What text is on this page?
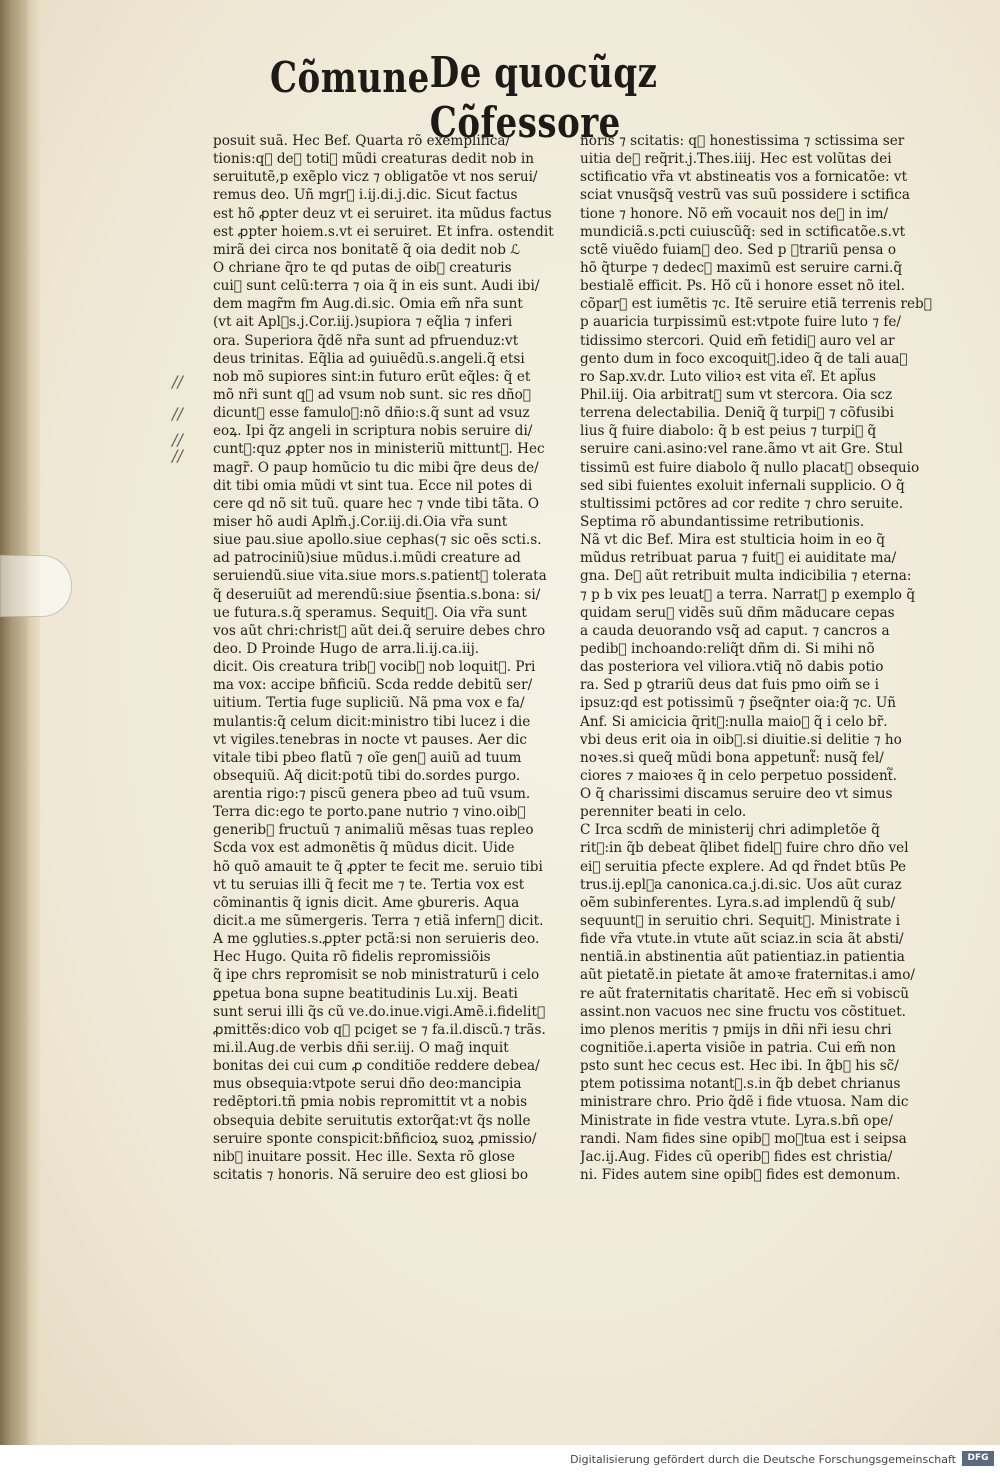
Cõmune De quocũqz Cõfessore
posuit suã. Hec Bef. Quarta rõ exemplifica/
tionis:q᷑ de᷑ toti᷑ mũdi creaturas dedit nob in
seruitutẽ,p exẽplo vicz ⁊ obligatõe vt nos serui/
remus deo. Uñ mgr᷑ i.ij.di.j.dic. Sicut factus
est hõ ꝓpter deuz vt ei seruiret. ita mũdus factus
est ꝓpter hoiem.s.vt ei seruiret. Et infra. ostendit
mirã dei circa nos bonitatẽ q̃ oia dedit nob ℒ
O chriane q̃ro te qd putas de oib᷑ creaturis
cui᷑ sunt celũ:terra ⁊ oia q̃ in eis sunt. Audi ibi/
dem magr̃m fm Aug.di.sic. Omia em̃ nr̃a sunt
(vt ait Apl᷑s.j.Cor.iij.)supiora ⁊ eq̃lia ⁊ inferi
ora. Superiora q̃dẽ nr̃a sunt ad pfruenduz:vt
deus trinitas. Eq̃lia ad ꝯuiuẽdũ.s.angeli.q̃ etsi
nob mõ supiores sint:in futuro erũt eq̃les: q̃ et
mõ nr̃i sunt q᷑ ad vsum nob sunt. sic res dñoꝝ
dicunt᷑ esse famuloꝝ:nõ dñio:s.q̃ sunt ad vsuz
eoꝝ. Ipi q̃z angeli in scriptura nobis seruire di/
cunt᷑:quz ꝓpter nos in ministeriũ mittunt᷑. Hec
magr̃. O paup homũcio tu dic mibi q̃re deus de/
dit tibi omia mũdi vt sint tua. Ecce nil potes di
cere qd nõ sit tuũ. quare hec ⁊ vnde tibi tãta. O
miser hõ audi Aplm̃.j.Cor.iij.di.Oia vr̃a sunt
siue pau.siue apollo.siue cephas(⁊ sic oẽs scti.s.
ad patrociniũ)siue mũdus.i.mũdi creature ad
seruiendũ.siue vita.siue mors.s.patient᷑ tolerata
q̃ deseruiũt ad merendũ:siue p̃sentia.s.bona: si/
ue futura.s.q̃ speramus. Sequit᷑. Oia vr̃a sunt
vos aũt chri:christ᷑ aũt dei.q̃ seruire debes chro
deo. D Proinde Hugo de arra.li.ij.ca.iij.
dicit. Ois creatura trib᷑ vocib᷑ nob loquit᷑. Pri
ma vox: accipe bñficiũ. Scda redde debitũ ser/
uitium. Tertia fuge supliciũ. Nã pma vox e fa/
mulantis:q̃ celum dicit:ministro tibi lucez i die
vt vigiles.tenebras in nocte vt pauses. Aer dic
vitale tibi pbeo flatũ ⁊ oĩe gen᷑ auiũ ad tuum
obsequiũ. Aq̃ dicit:potũ tibi do.sordes purgo.
arentia rigo:⁊ piscũ genera pbeo ad tuũ vsum.
Terra dic:ego te porto.pane nutrio ⁊ vino.oib᷑
generib᷑ fructuũ ⁊ animaliũ mẽsas tuas repleo
Scda vox est admonẽtis q̃ mũdus dicit. Uide
hõ quõ amauit te q̃ ꝓpter te fecit me. seruio tibi
vt tu seruias illi q̃ fecit me ⁊ te. Tertia vox est
cõminantis q̃ ignis dicit. Ame ꝯbureris. Aqua
dicit.a me sũmergeris. Terra ⁊ etiã infern᷑ dicit.
A me ꝯgluties.s.ꝓpter pctã:si non seruieris deo.
Hec Hugo. Quita rõ fidelis repromissiõis
q̃ ipe chrs repromisit se nob ministraturũ i celo
ꝑpetua bona supne beatitudinis Lu.xij. Beati
sunt serui illi q̃s cũ ve.do.inue.vigi.Amẽ.i.fidelit᷑
ꝓmittẽs:dico vob q᷑ pciget se ⁊ fa.il.discũ.⁊ trãs.
mi.il.Aug.de verbis dñi ser.iij. O mag̃ inquit
bonitas dei cui cum ꝓ conditiõe reddere debea/
mus obsequia:vtpote serui dño deo:mancipia
redẽptori.tñ pmia nobis repromittit vt a nobis
obsequia debite seruitutis extorq̃at:vt q̃s nolle
seruire sponte conspicit:bñficioꝝ suoꝝ ꝓmissio/
nib᷑ inuitare possit. Hec ille. Sexta rõ glose
scitatis ⁊ honoris. Nã seruire deo est gliosi bo
noris ⁊ scitatis: q᷑ honestissima ⁊ sctissima ser
uitia de᷑ req̃rit.j.Thes.iiij. Hec est volũtas dei
sctificatio vr̃a vt abstineatis vos a fornicatõe: vt
sciat vnusq̃sq̃ vestrũ vas suũ possidere i sctifica
tione ⁊ honore. Nõ em̃ vocauit nos de᷑ in im/
mundiciã.s.pcti cuiuscũq̃: sed in sctificatõe.s.vt
sctẽ viuẽdo fuiam᷑ deo. Sed p ꝯtrariũ pensa o
hõ q̃turpe ⁊ dedec᷑ maximũ est seruire carni.q̃
bestialẽ efficit. Ps. Hõ cũ i honore esset nõ itel.
cõpar᷑ est iumẽtis ⁊c. Itẽ seruire etiã terrenis reb᷑
p auaricia turpissimũ est:vtpote fuire luto ⁊ fe/
tidissimo stercori. Quid em̃ fetidi᷑ auro vel ar
gento dum in foco excoquit᷑.ideo q̃ de tali auaꝛ
ro Sap.xv.dr. Luto vilioꝛ est vita ei᷑. Et apl᷑us
Phil.iij. Oia arbitrat᷑ sum vt stercora. Oia scz
terrena delectabilia. Deniq̃ q̃ turpi᷑ ⁊ cõfusibi
lius q̃ fuire diabolo: q̃ b est peius ⁊ turpi᷑ q̃
seruire cani.asino:vel rane.ãmo vt ait Gre. Stul
tissimũ est fuire diabolo q̃ nullo placat᷑ obsequio
sed sibi fuientes exoluit infernali supplicio. O q̃
stultissimi pctõres ad cor redite ⁊ chro seruite.
Septima rõ abundantissime retributionis.
Nã vt dic Bef. Mira est stulticia hoim in eo q̃
mũdus retribuat parua ⁊ fuit᷑ ei auiditate ma/
gna. De᷑ aũt retribuit multa indicibilia ⁊ eterna:
⁊ p b vix pes leuat᷑ a terra. Narrat᷑ p exemplo q̃
quidam seru᷑ vidẽs suũ dñm mãducare cepas
a cauda deuorando vsq̃ ad caput. ⁊ cancros a
pedib᷑ inchoando:reliq̃t dñm di. Si mihi nõ
das posteriora vel viliora.vtiq̃ nõ dabis potio
ra. Sed p ꝯtrariũ deus dat fuis pmo oim̃ se i
ipsuz:qd est potissimũ ⁊ p̃seq̃nter oia:q̃ ⁊c. Uñ
Anf. Si amicicia q̃rit᷑:nulla maioꝛ q̃ i celo br̃.
vbi deus erit oia in oib᷑.si diuitie.si delitie ⁊ ho
noꝛes.si queq̃ mũdi bona appetunt᷑: nusq̃ fel/
ciores ⁊ maioꝛes q̃ in celo perpetuo possident᷑.
O q̃ charissimi discamus seruire deo vt simus
perenniter beati in celo.
C Irca scdm̃ de ministerij chri adimpletõe q̃
rit᷑:in q̃b debeat q̃libet fidel᷑ fuire chro dño vel
ei᷑ seruitia pfecte explere. Ad qd r̃ndet btũs Pe
trus.ij.epl᷑a canonica.ca.j.di.sic. Uos aũt curaz
oẽm subinferentes. Lyra.s.ad implendũ q̃ sub/
sequunt᷑ in seruitio chri. Sequit᷑. Ministrate i
fide vr̃a vtute.in vtute aũt sciaz.in scia ãt absti/
nentiã.in abstinentia aũt patientiaz.in patientia
aũt pietatẽ.in pietate ãt amoꝛe fraternitas.i amo/
re aũt fraternitatis charitatẽ. Hec em̃ si vobiscũ
assint.non vacuos nec sine fructu vos cõstituet.
imo plenos meritis ⁊ pmijs in dñi nr̃i iesu chri
cognitiõe.i.aperta visiõe in patria. Cui em̃ non
psto sunt hec cecus est. Hec ibi. In q̃b᷑ his sc̃/
ptem potissima notant᷑.s.in q̃b debet chrianus
ministrare chro. Prio q̃dẽ i fide vtuosa. Nam dic
Ministrate in fide vestra vtute. Lyra.s.bñ ope/
randi. Nam fides sine opib᷑ moꝛtua est i seipsa
Jac.ij.Aug. Fides cũ operib᷑ fides est christia/
ni. Fides autem sine opib᷑ fides est demonum.
//
//
//
//
Digitalisierung gefördert durch die Deutsche Forschungsgemeinschaft	DFG
